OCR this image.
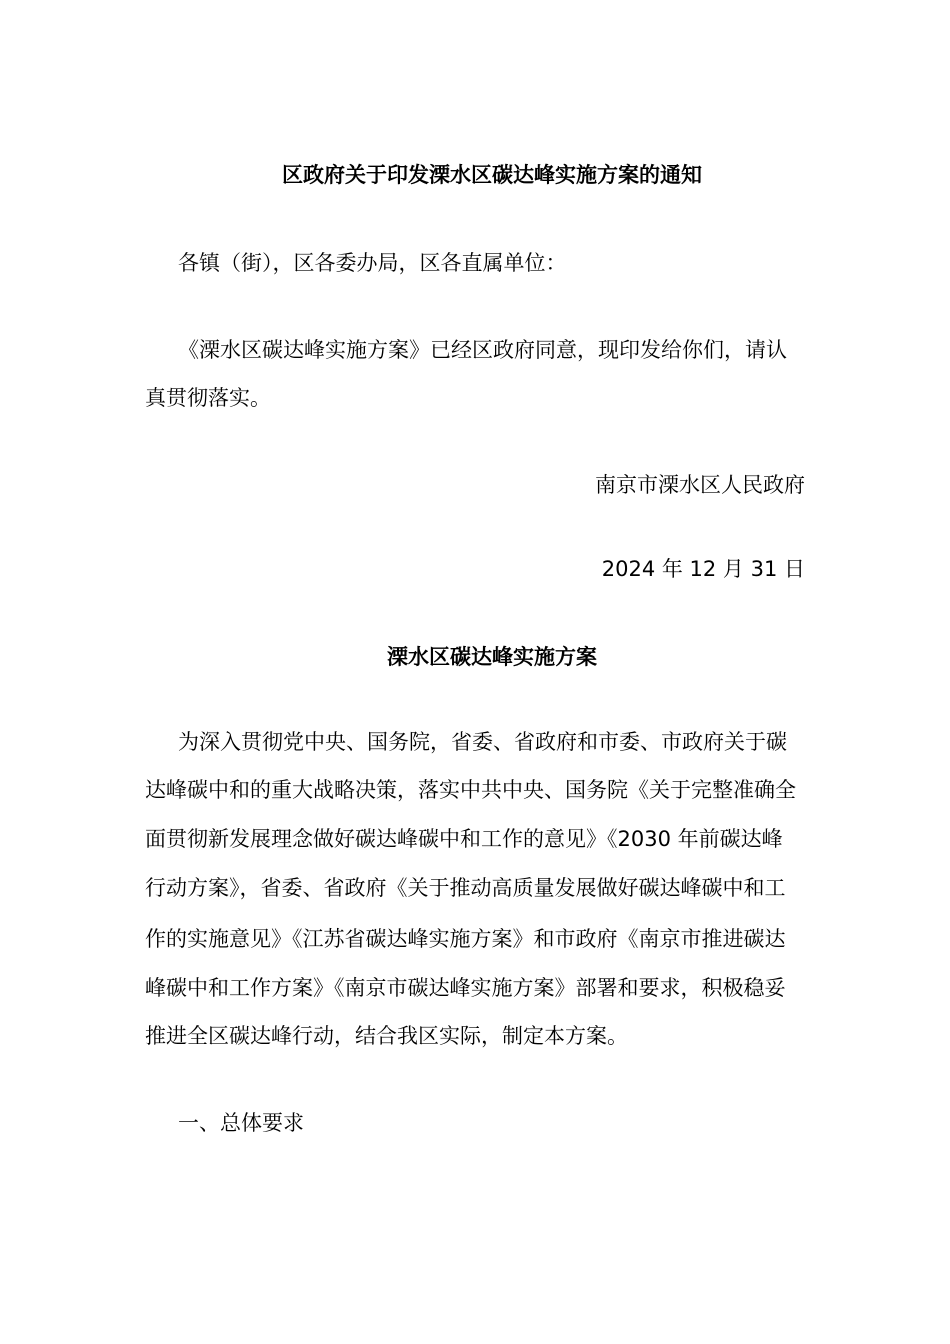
区政府关于印发溧水区碳达峰实施方案的通知
各镇（街），区各委办局，区各直属单位：
《溧水区碳达峰实施方案》已经区政府同意，现印发给你们，请认
真贯彻落实。
南京市溧水区人民政府
2024 年 12 月 31 日
溧水区碳达峰实施方案
为深入贯彻党中央、国务院，省委、省政府和市委、市政府关于碳
达峰碳中和的重大战略决策，落实中共中央、国务院《关于完整准确全
面贯彻新发展理念做好碳达峰碳中和工作的意见》《2030 年前碳达峰
行动方案》，省委、省政府《关于推动高质量发展做好碳达峰碳中和工
作的实施意见》《江苏省碳达峰实施方案》和市政府《南京市推进碳达
峰碳中和工作方案》《南京市碳达峰实施方案》部署和要求，积极稳妥
推进全区碳达峰行动，结合我区实际，制定本方案。
一、总体要求
